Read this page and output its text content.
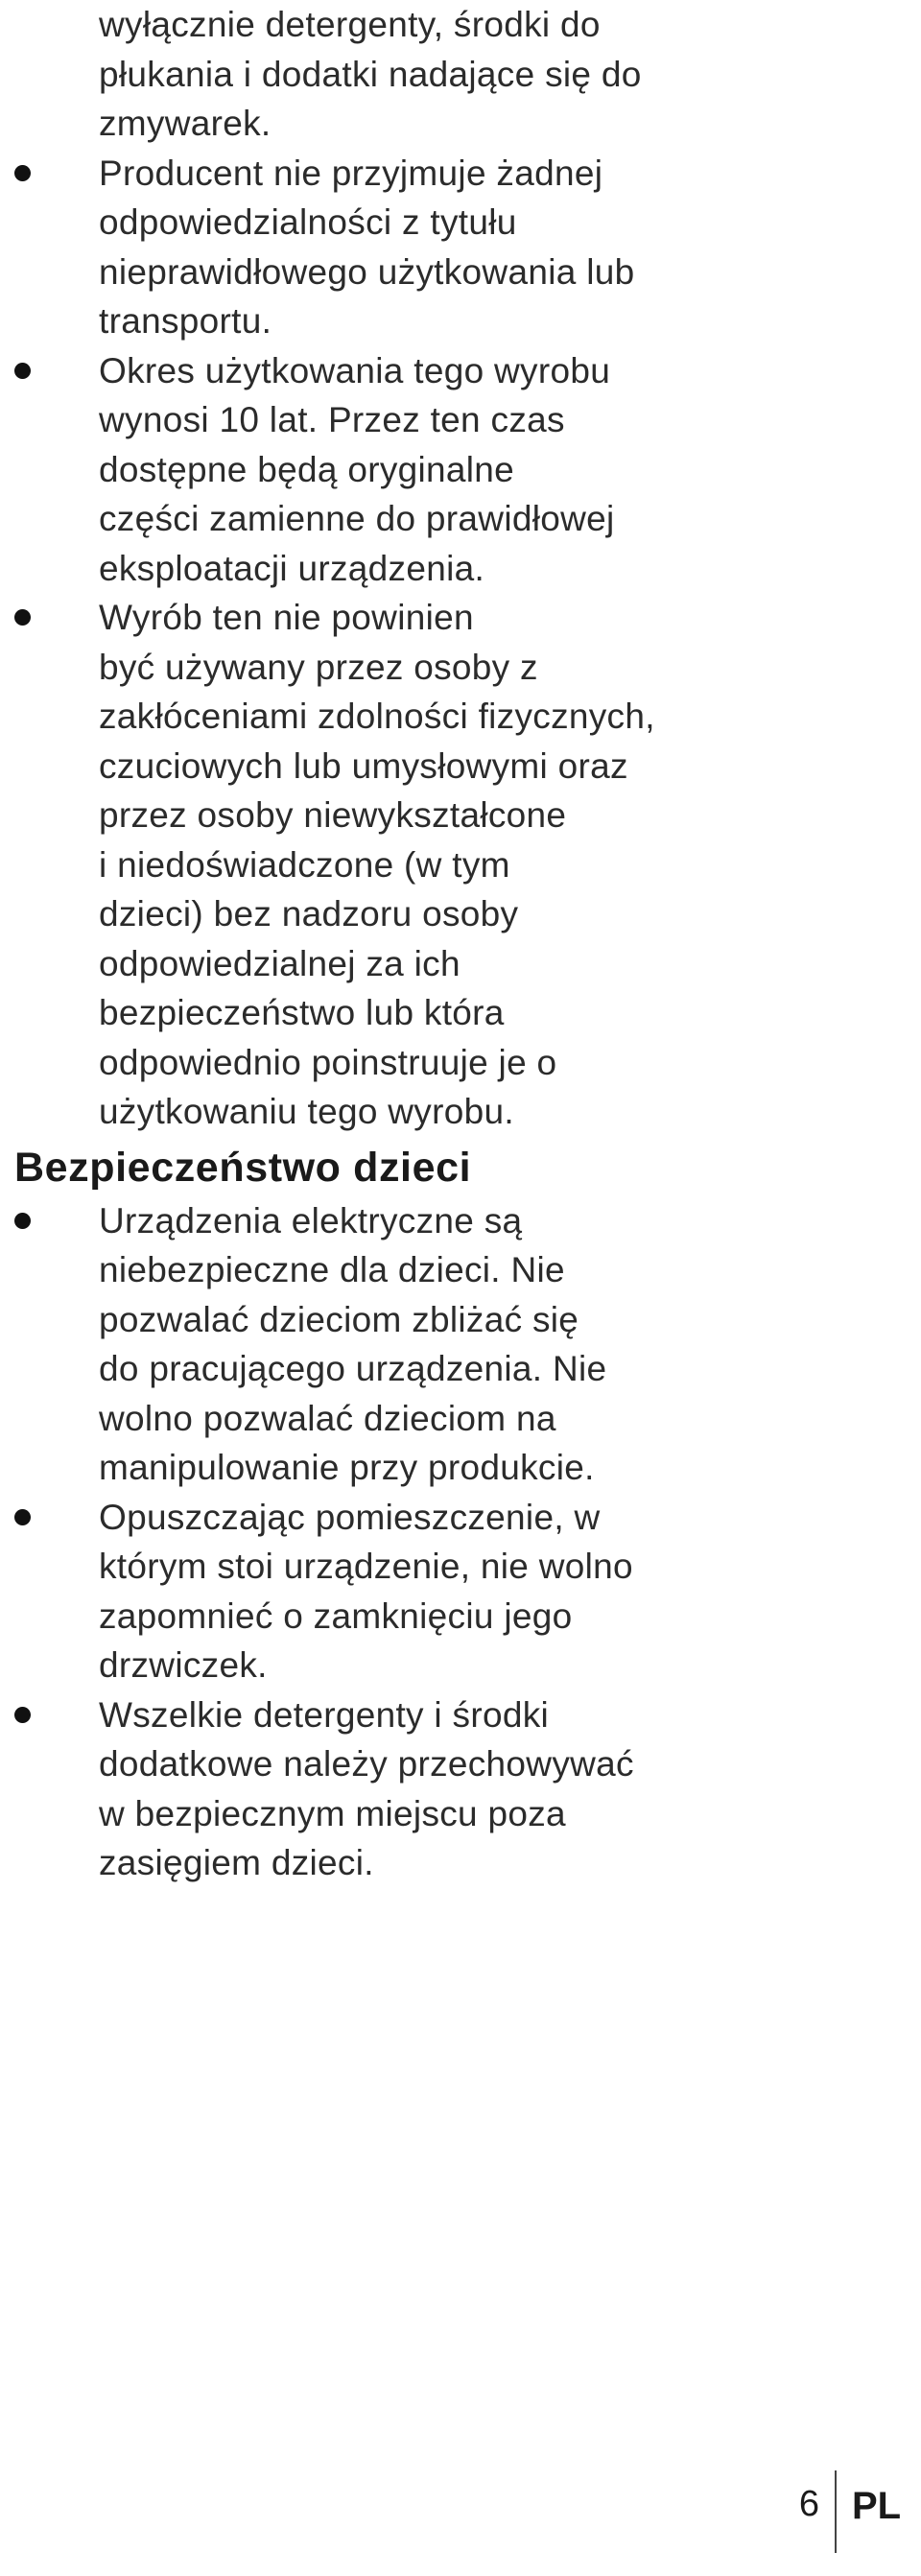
wyłącznie detergenty, środki do
płukania i dodatki nadające się do
zmywarek.
Producent nie przyjmuje żadnej
odpowiedzialności z tytułu
nieprawidłowego użytkowania lub
transportu.
Okres użytkowania tego wyrobu
wynosi 10 lat. Przez ten czas
dostępne będą oryginalne
części zamienne do prawidłowej
eksploatacji urządzenia.
Wyrób ten nie powinien
być używany przez osoby z
zakłóceniami zdolności fizycznych,
czuciowych lub umysłowymi oraz
przez osoby niewykształcone
i niedoświadczone (w tym
dzieci) bez nadzoru osoby
odpowiedzialnej za ich
bezpieczeństwo lub która
odpowiednio poinstruuje je o
użytkowaniu tego wyrobu.
Bezpieczeństwo dzieci
Urządzenia elektryczne są
niebezpieczne dla dzieci. Nie
pozwalać dzieciom zbliżać się
do pracującego urządzenia. Nie
wolno pozwalać dzieciom na
manipulowanie przy produkcie.
Opuszczając pomieszczenie, w
którym stoi urządzenie, nie wolno
zapomnieć o zamknięciu jego
drzwiczek.
Wszelkie detergenty i środki
dodatkowe należy przechowywać
w bezpiecznym miejscu poza
zasięgiem dzieci.
6 PL
